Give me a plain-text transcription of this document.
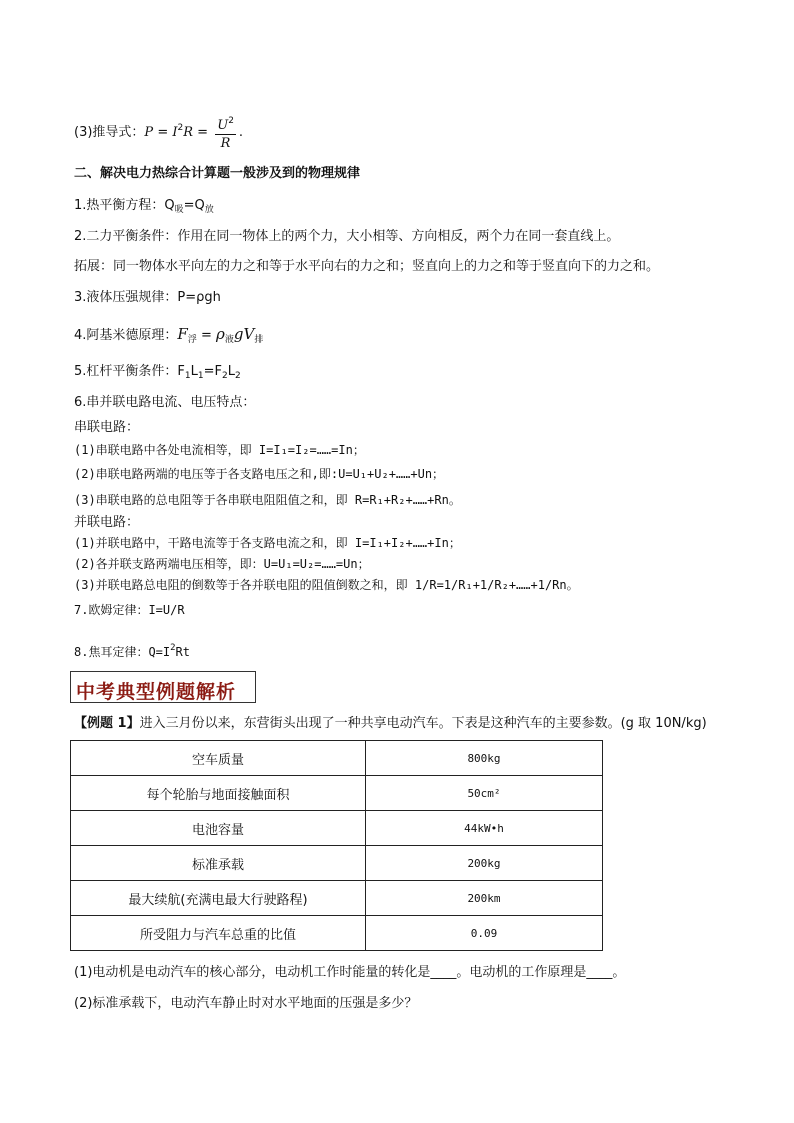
(3)推导式：$P = I^2R = \frac{U^2}{R}$ .
二、解决电力热综合计算题一般涉及到的物理规律
1.热平衡方程：$Q_吸=Q_放$
2.二力平衡条件：作用在同一物体上的两个力，大小相等、方向相反，两个力在同一套直线上。
拓展：同一物体水平向左的力之和等于水平向右的力之和；竖直向上的力之和等于竖直向下的力之和。
3.液体压强规律：P=ρgh
4.阿基米德原理：$F_浮 = \rho_液gV_排$
5.杠杆平衡条件：$F_1L_1=F_2L_2$
6.串并联电路电流、电压特点：
串联电路：
(1)串联电路中各处电流相等，即 I=I₁=I₂=……=In；
(2)串联电路两端的电压等于各支路电压之和,即:U=U₁+U₂+……+Un；
(3)串联电路的总电阻等于各串联电阻阻值之和，即 R=R₁+R₂+……+Rn。
并联电路：
(1)并联电路中，干路电流等于各支路电流之和，即 I=I₁+I₂+……+In；
(2)各并联支路两端电压相等，即：U=U₁=U₂=……=Un；
(3)并联电路总电阻的倒数等于各并联电阻的阻值倒数之和，即 1/R=1/R₁+1/R₂+……+1/Rn。
7.欧姆定律：I=U/R
8.焦耳定律：$Q=I^2Rt$
中考典型例题解析
【例题 1】进入三月份以来，东营街头出现了一种共享电动汽车。下表是这种汽车的主要参数。(g 取 10N/kg)
空车质量	800kg
每个轮胎与地面接触面积	50cm²
电池容量	44kW•h
标准承载	200kg
最大续航(充满电最大行驶路程)	200km
所受阻力与汽车总重的比值	0.09
(1)电动机是电动汽车的核心部分，电动机工作时能量的转化是____。电动机的工作原理是____。
(2)标准承载下，电动汽车静止时对水平地面的压强是多少？
